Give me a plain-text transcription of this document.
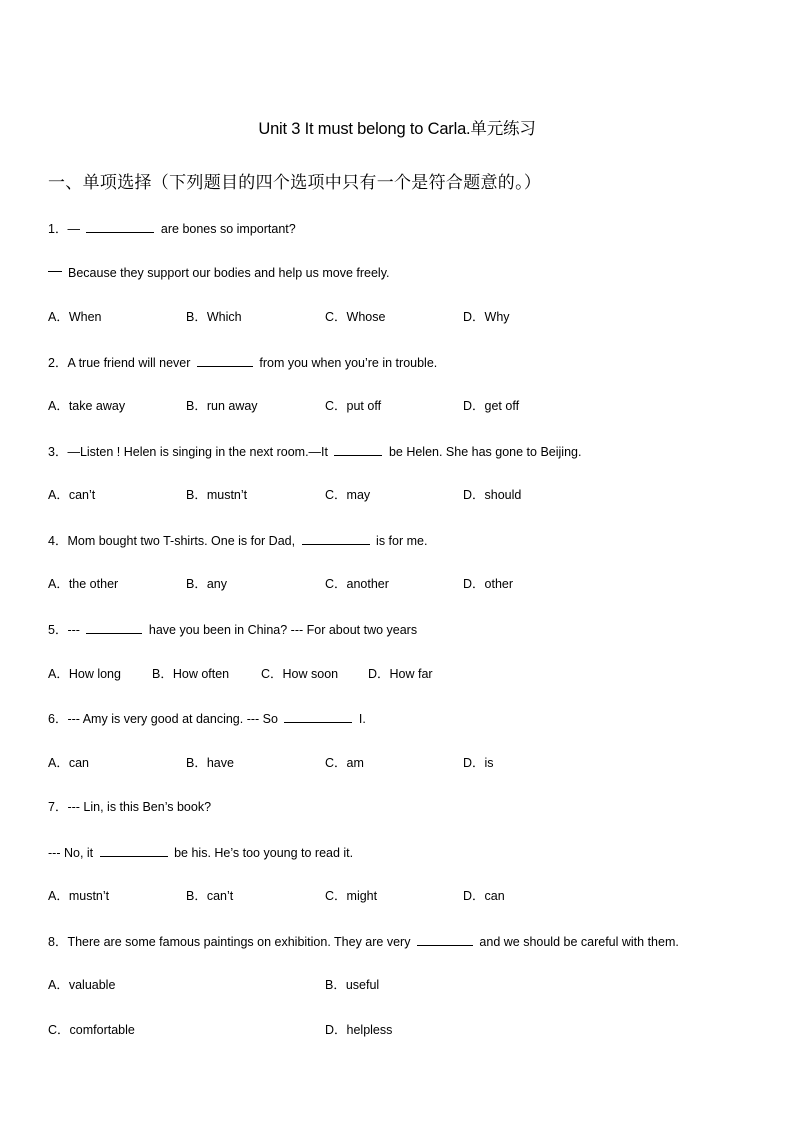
Unit 3 It must belong to Carla.单元练习
一、单项选择（下列题目的四个选项中只有一个是符合题意的。）
1．—	are bones so important?
Because they support our bodies and help us move freely.
A．When	B．Which	C．Whose	D．Why
2．A true friend will never	from you when you’re in trouble.
A．take away	B．run away	C．put off	D．get off
3．—Listen ! Helen is singing in the next room.—It	be Helen. She has gone to Beijing.
A．can’t	B．mustn’t	C．may	D．should
4．Mom bought two T-shirts. One is for Dad,	is for me.
A．the other	B．any	C．another	D．other
5．---	have you been in China? --- For about two years
A．How long B．How often	C．How soon D．How far
6．--- Amy is very good at dancing. --- So	I.
A．can	B．have	C．am	D．is
7．--- Lin, is this Ben’s book?
--- No, it	be his. He’s too young to read it.
A．mustn’t	B．can’t	C．might	D．can
8．There are some famous paintings on exhibition. They are very	and we should be careful with them.
A．valuable	B．useful
C．comfortable	D．helpless
